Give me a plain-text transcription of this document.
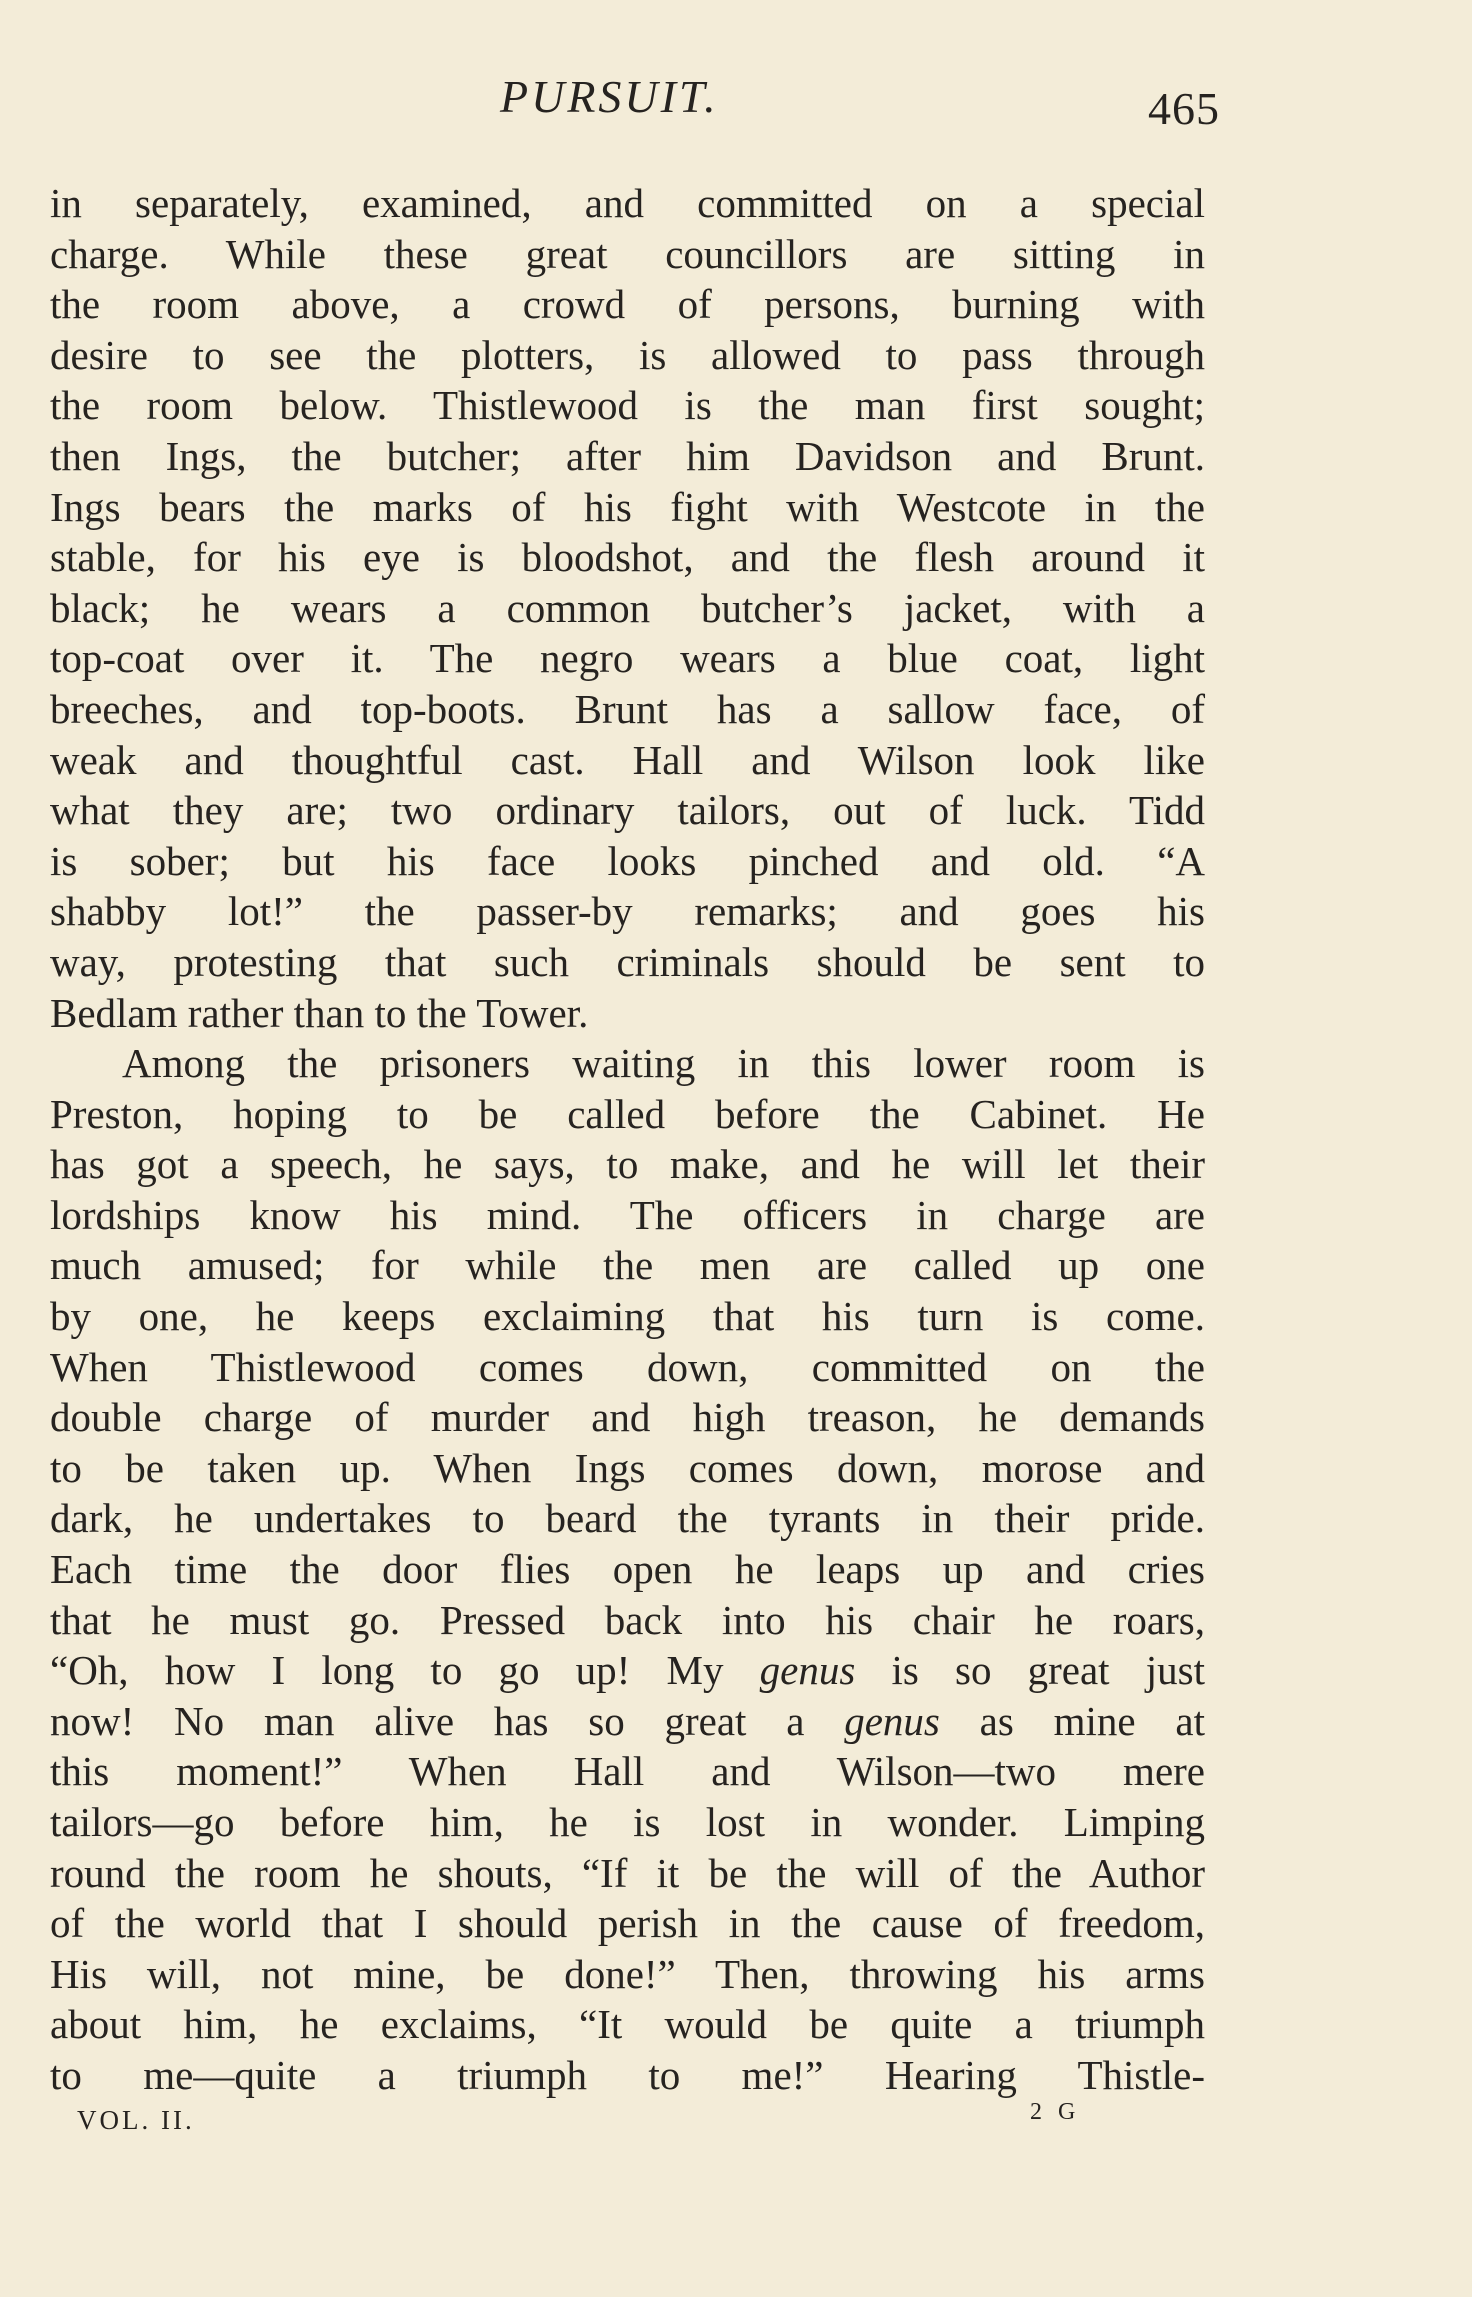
PURSUIT.	465
in separately, examined, and committed on a special
charge. While these great councillors are sitting in
the room above, a crowd of persons, burning with
desire to see the plotters, is allowed to pass through
the room below. Thistlewood is the man first sought;
then Ings, the butcher; after him Davidson and Brunt.
Ings bears the marks of his fight with Westcote in the
stable, for his eye is bloodshot, and the flesh around it
black; he wears a common butcher’s jacket, with a
top-coat over it. The negro wears a blue coat, light
breeches, and top-boots. Brunt has a sallow face, of
weak and thoughtful cast. Hall and Wilson look like
what they are; two ordinary tailors, out of luck. Tidd
is sober; but his face looks pinched and old. “A
shabby lot!” the passer-by remarks; and goes his
way, protesting that such criminals should be sent to
Bedlam rather than to the Tower.
Among the prisoners waiting in this lower room is
Preston, hoping to be called before the Cabinet. He
has got a speech, he says, to make, and he will let their
lordships know his mind. The officers in charge are
much amused; for while the men are called up one
by one, he keeps exclaiming that his turn is come.
When Thistlewood comes down, committed on the
double charge of murder and high treason, he demands
to be taken up. When Ings comes down, morose and
dark, he undertakes to beard the tyrants in their pride.
Each time the door flies open he leaps up and cries
that he must go. Pressed back into his chair he roars,
“Oh, how I long to go up! My genus is so great just
now! No man alive has so great a genus as mine at
this moment!” When Hall and Wilson—two mere
tailors—go before him, he is lost in wonder. Limping
round the room he shouts, “If it be the will of the Author
of the world that I should perish in the cause of freedom,
His will, not mine, be done!” Then, throwing his arms
about him, he exclaims, “It would be quite a triumph
to me—quite a triumph to me!” Hearing Thistle-
VOL. II.	2 G
